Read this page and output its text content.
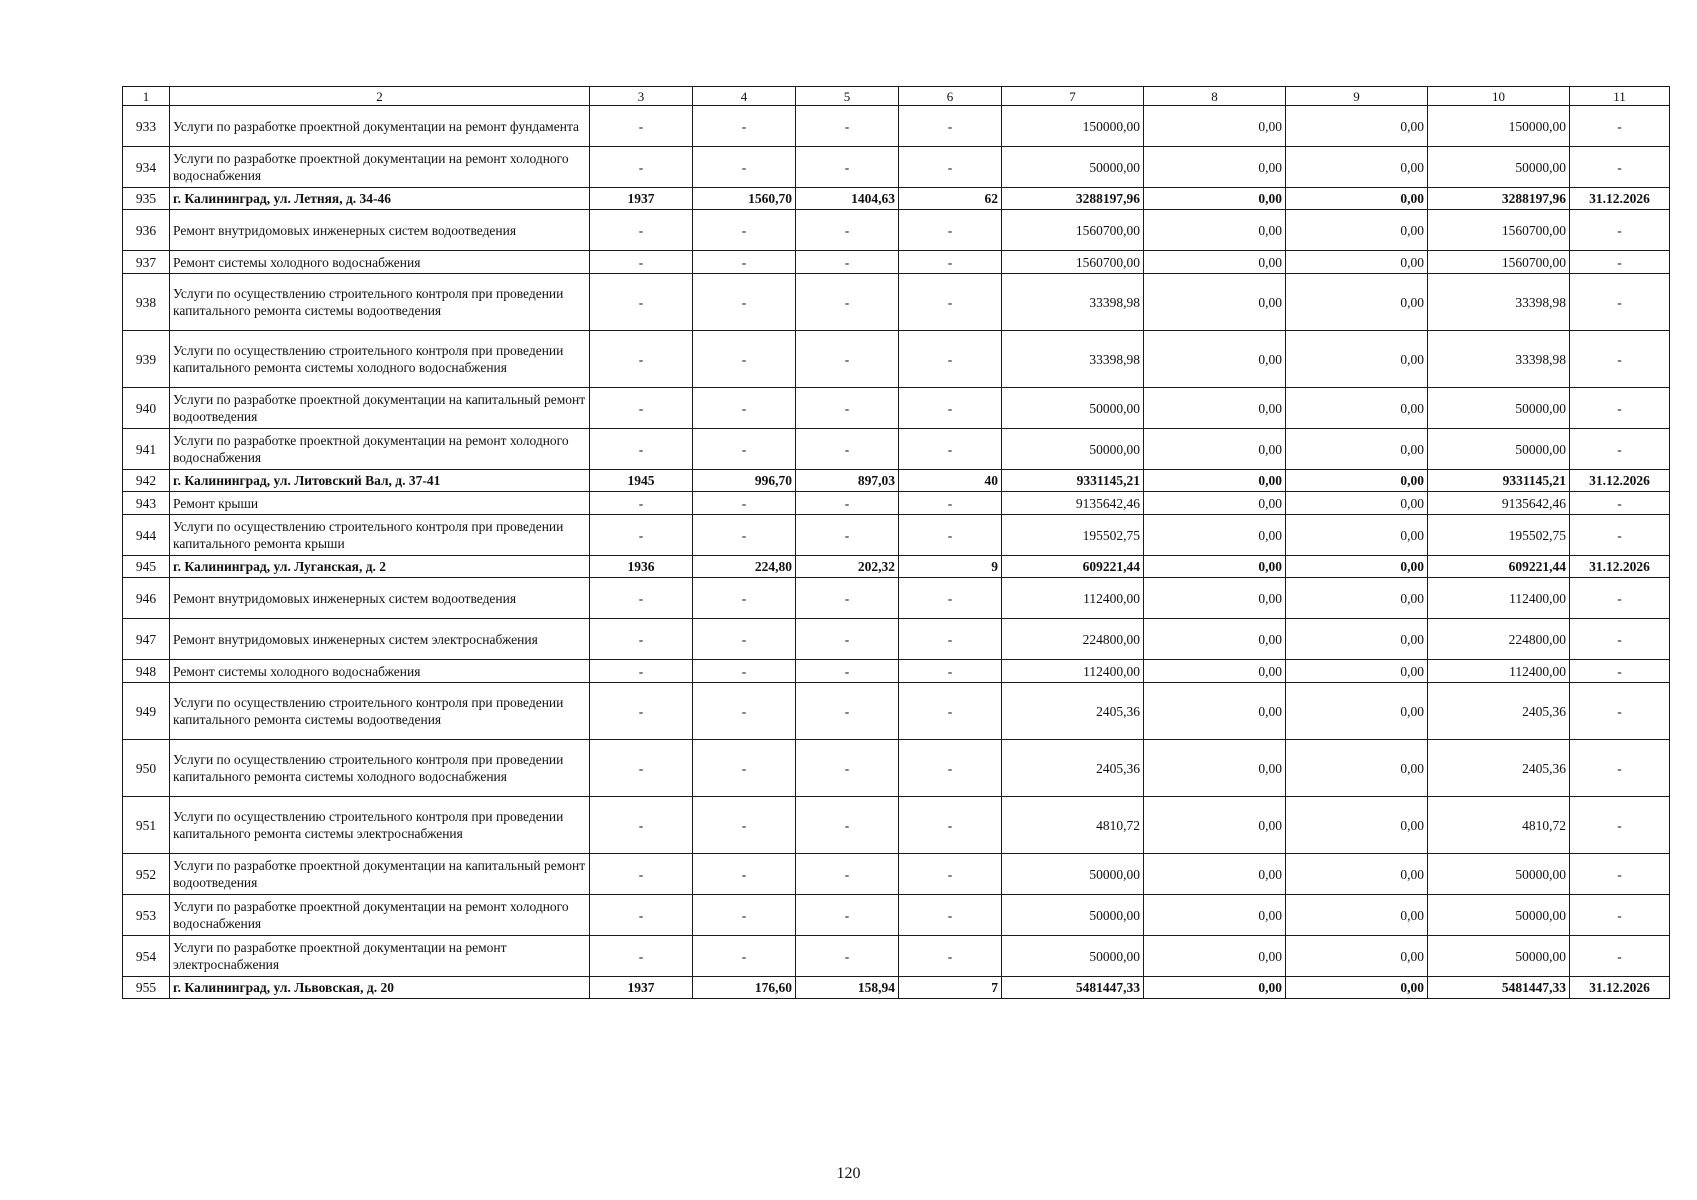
1	2	3	4	5	6	7	8	9	10	11
933	Услуги по разработке проектной документации на ремонт фундамента	-	-	-	-	150000,00	0,00	0,00	150000,00	-
934	Услуги по разработке проектной документации на ремонт холодного водоснабжения	-	-	-	-	50000,00	0,00	0,00	50000,00	-
935	г. Калининград, ул. Летняя, д. 34-46	1937	1560,70	1404,63	62	3288197,96	0,00	0,00	3288197,96	31.12.2026
936	Ремонт внутридомовых инженерных систем водоотведения	-	-	-	-	1560700,00	0,00	0,00	1560700,00	-
937	Ремонт системы холодного водоснабжения	-	-	-	-	1560700,00	0,00	0,00	1560700,00	-
938	Услуги по осуществлению строительного контроля при проведении капитального ремонта системы водоотведения	-	-	-	-	33398,98	0,00	0,00	33398,98	-
939	Услуги по осуществлению строительного контроля при проведении капитального ремонта системы холодного водоснабжения	-	-	-	-	33398,98	0,00	0,00	33398,98	-
940	Услуги по разработке проектной документации на капитальный ремонт водоотведения	-	-	-	-	50000,00	0,00	0,00	50000,00	-
941	Услуги по разработке проектной документации на ремонт холодного водоснабжения	-	-	-	-	50000,00	0,00	0,00	50000,00	-
942	г. Калининград, ул. Литовский Вал, д. 37-41	1945	996,70	897,03	40	9331145,21	0,00	0,00	9331145,21	31.12.2026
943	Ремонт крыши	-	-	-	-	9135642,46	0,00	0,00	9135642,46	-
944	Услуги по осуществлению строительного контроля при проведении капитального ремонта крыши	-	-	-	-	195502,75	0,00	0,00	195502,75	-
945	г. Калининград, ул. Луганская, д. 2	1936	224,80	202,32	9	609221,44	0,00	0,00	609221,44	31.12.2026
946	Ремонт внутридомовых инженерных систем водоотведения	-	-	-	-	112400,00	0,00	0,00	112400,00	-
947	Ремонт внутридомовых инженерных систем электроснабжения	-	-	-	-	224800,00	0,00	0,00	224800,00	-
948	Ремонт системы холодного водоснабжения	-	-	-	-	112400,00	0,00	0,00	112400,00	-
949	Услуги по осуществлению строительного контроля при проведении капитального ремонта системы водоотведения	-	-	-	-	2405,36	0,00	0,00	2405,36	-
950	Услуги по осуществлению строительного контроля при проведении капитального ремонта системы холодного водоснабжения	-	-	-	-	2405,36	0,00	0,00	2405,36	-
951	Услуги по осуществлению строительного контроля при проведении капитального ремонта системы электроснабжения	-	-	-	-	4810,72	0,00	0,00	4810,72	-
952	Услуги по разработке проектной документации на капитальный ремонт водоотведения	-	-	-	-	50000,00	0,00	0,00	50000,00	-
953	Услуги по разработке проектной документации на ремонт холодного водоснабжения	-	-	-	-	50000,00	0,00	0,00	50000,00	-
954	Услуги по разработке проектной документации на ремонт электроснабжения	-	-	-	-	50000,00	0,00	0,00	50000,00	-
955	г. Калининград, ул. Львовская, д. 20	1937	176,60	158,94	7	5481447,33	0,00	0,00	5481447,33	31.12.2026
120
